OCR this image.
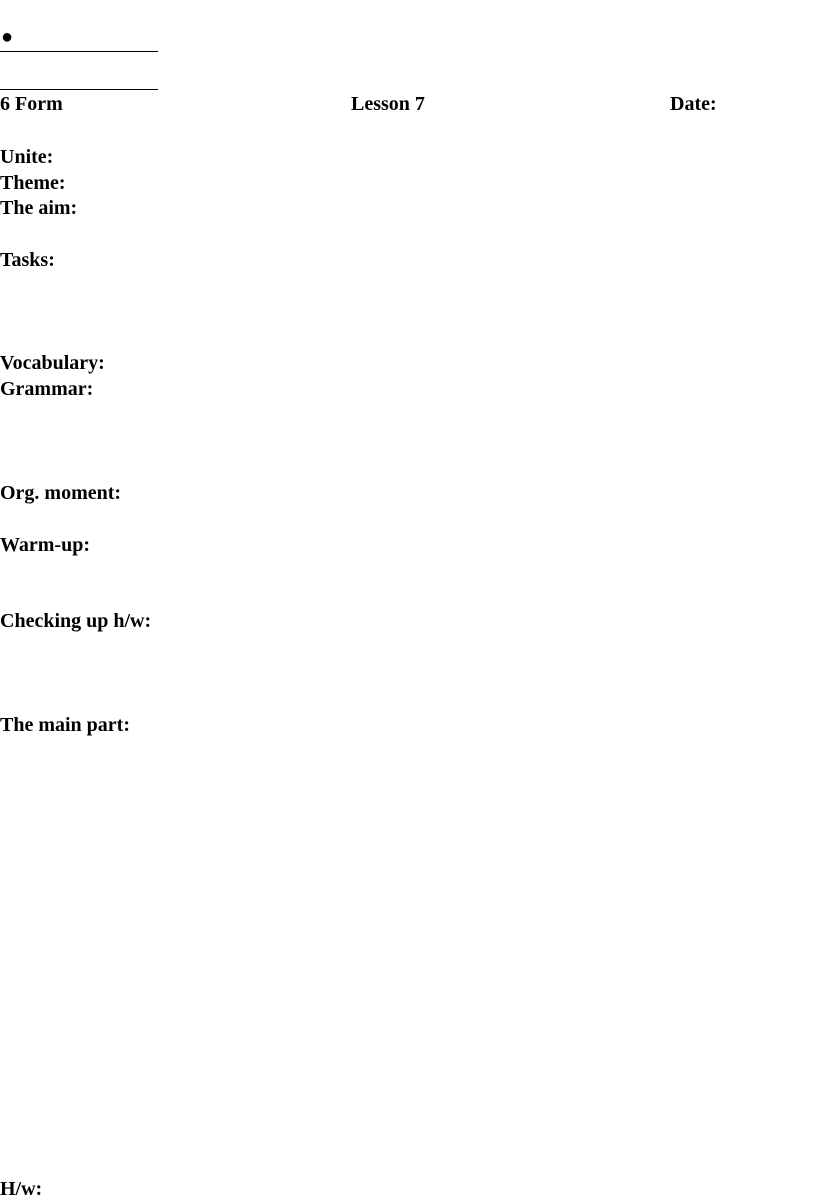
●
6 Form	Lesson 7	Date:
Unite:
Theme:
The aim:
Tasks:
Vocabulary:
Grammar:
Org. moment:
Warm-up:
Checking up h/w:
The main part:
H/w:
